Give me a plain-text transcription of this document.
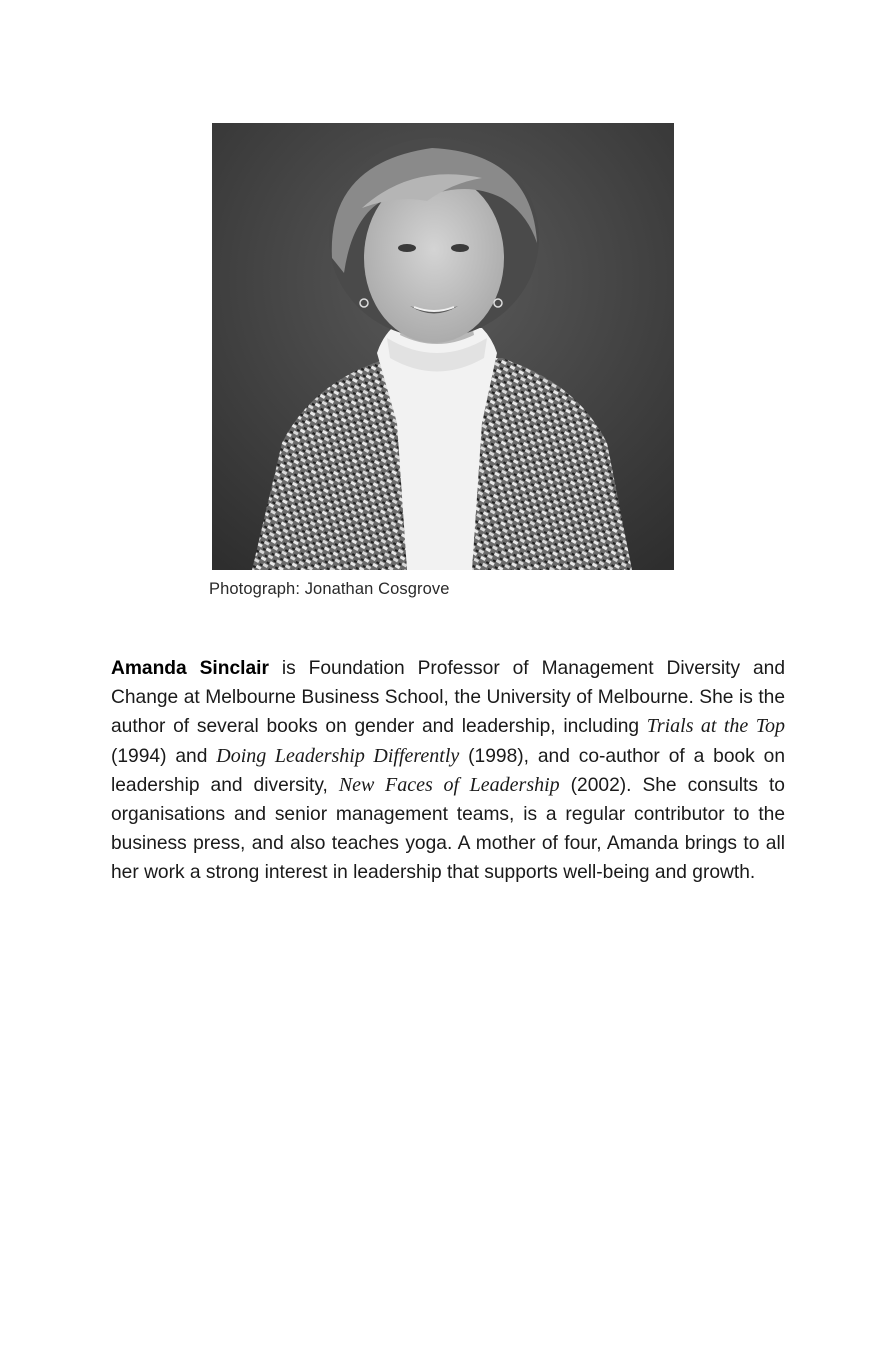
Photograph: Jonathan Cosgrove

Amanda Sinclair is Foundation Professor of Management Diversity and Change at Melbourne Business School, the University of Melbourne. She is the author of several books on gender and leadership, including Trials at the Top (1994) and Doing Leadership Differently (1998), and co-author of a book on leadership and diversity, New Faces of Leadership (2002). She consults to organisations and senior management teams, is a regular contributor to the business press, and also teaches yoga. A mother of four, Amanda brings to all her work a strong interest in leadership that supports well-being and growth.
